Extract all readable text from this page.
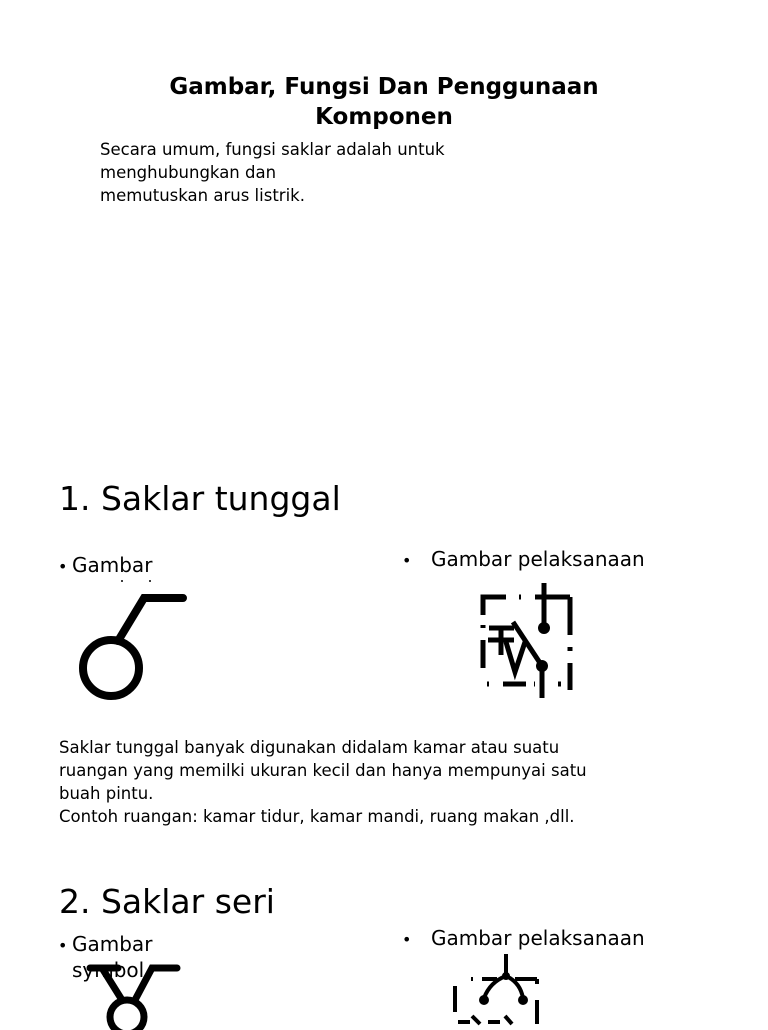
Gambar, Fungsi Dan Penggunaan
Komponen
Secara umum, fungsi saklar adalah untuk
menghubungkan dan
memutuskan arus listrik.
1. Saklar tunggal
• Gambar	• Gambar pelaksanaan
Saklar tunggal banyak digunakan didalam kamar atau suatu
ruangan yang memilki ukuran kecil dan hanya mempunyai satu
buah pintu.
Contoh ruangan: kamar tidur, kamar mandi, ruang makan ,dll.
2. Saklar seri
• Gambar
symbol
• Gambar pelaksanaan
